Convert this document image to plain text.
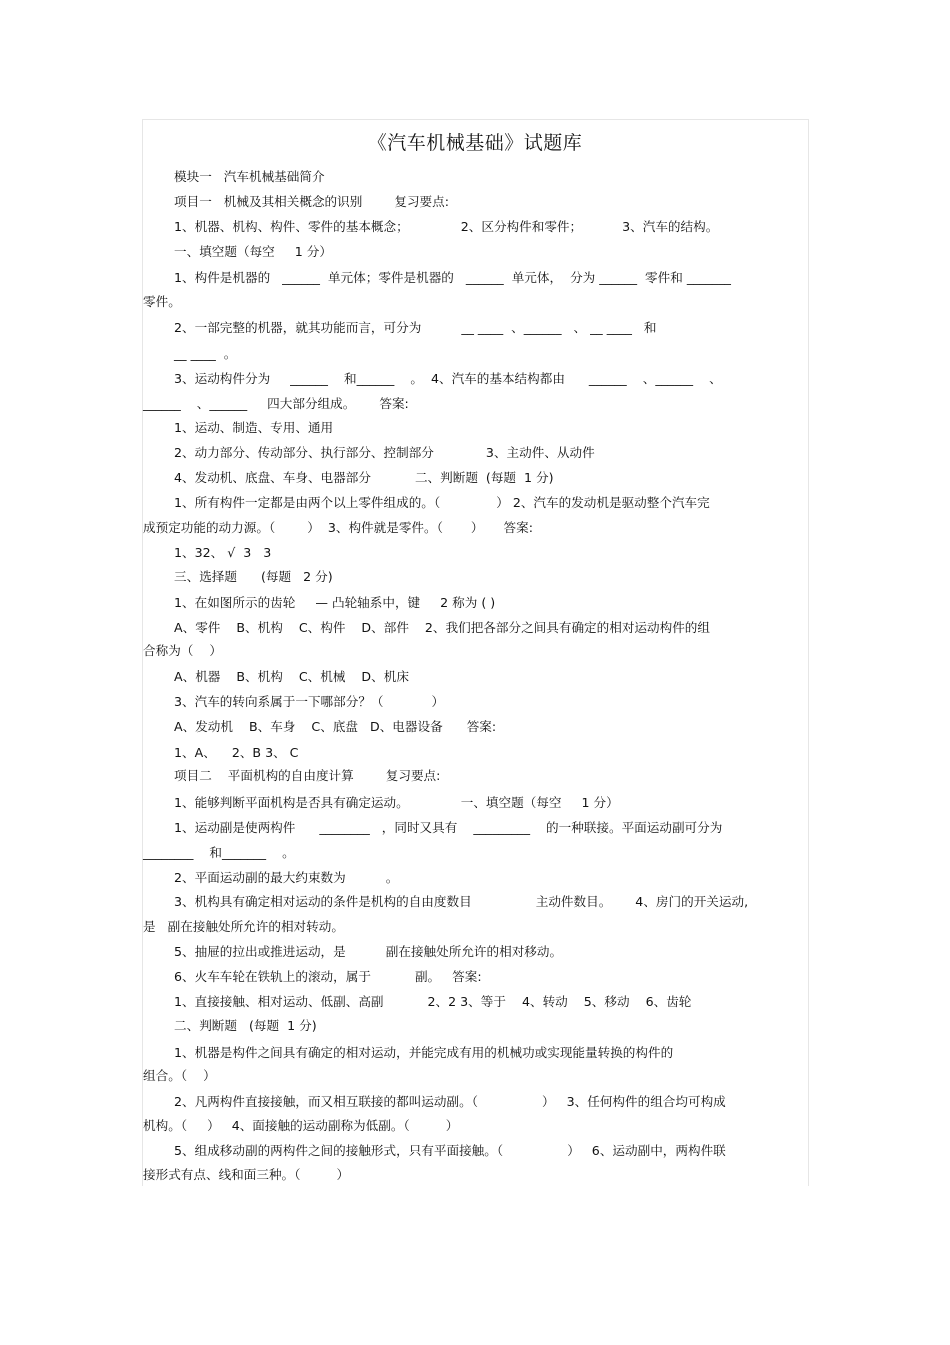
《汽车机械基础》试题库
模块一   汽车机械基础简介
项目一   机械及其相关概念的识别        复习要点:
1、机器、机构、构件、零件的基本概念；             2、区分构件和零件；          3、汽车的结构。
一、填空题（每空     1 分）
1、构件是机器的   ______  单元体；零件是机器的   ______  单元体，  分为 ______  零件和 _______
零件。
2、一部完整的机器，就其功能而言，可分为          __ ____  、______   、 __ ____   和
__ ____  。
3、运动构件分为     ______    和______    。  4、汽车的基本结构都由      ______    、______    、
______    、______     四大部分组成。      答案:
1、运动、制造、专用、通用
2、动力部分、传动部分、执行部分、控制部分             3、主动件、从动件
4、发动机、底盘、车身、电器部分           二、判断题  (每题  1 分)
1、所有构件一定都是由两个以上零件组成的。（              ） 2、汽车的发动机是驱动整个汽车完
成预定功能的动力源。（        ）  3、构件就是零件。（       ）     答案:
1、32、 √  3   3
三、选择题      (每题   2 分)
1、在如图所示的齿轮     — 凸轮轴系中，键     2 称为 ( )
A、零件    B、机构    C、构件    D、部件    2、我们把各部分之间具有确定的相对运动构件的组
合称为（    ）
A、机器    B、机构    C、机械    D、机床
3、汽车的转向系属于一下哪部分？（            ）
A、发动机    B、车身    C、底盘   D、电器设备      答案:
1、A、    2、B 3、 C
项目二    平面机构的自由度计算        复习要点:
1、能够判断平面机构是否具有确定运动。             一、填空题（每空     1 分）
1、运动副是使两构件      ________   ，同时又具有    _________    的一种联接。平面运动副可分为
________    和_______    。
2、平面运动副的最大约束数为          。
3、机构具有确定相对运动的条件是机构的自由度数目                主动件数目。      4、房门的开关运动,
是   副在接触处所允许的相对转动。
5、抽屉的拉出或推进运动，是          副在接触处所允许的相对移动。
6、火车车轮在铁轨上的滚动，属于           副。   答案:
1、直接接触、相对运动、低副、高副           2、2 3、等于    4、转动    5、移动    6、齿轮
二、判断题   (每题  1 分)
1、机器是构件之间具有确定的相对运动，并能完成有用的机械功或实现能量转换的构件的
组合。（    ）
2、凡两构件直接接触，而又相互联接的都叫运动副。（                ）   3、任何构件的组合均可构成
机构。（     ）   4、面接触的运动副称为低副。（         ）
5、组成移动副的两构件之间的接触形式，只有平面接触。（                ）   6、运动副中，两构件联
接形式有点、线和面三种。（         ）
